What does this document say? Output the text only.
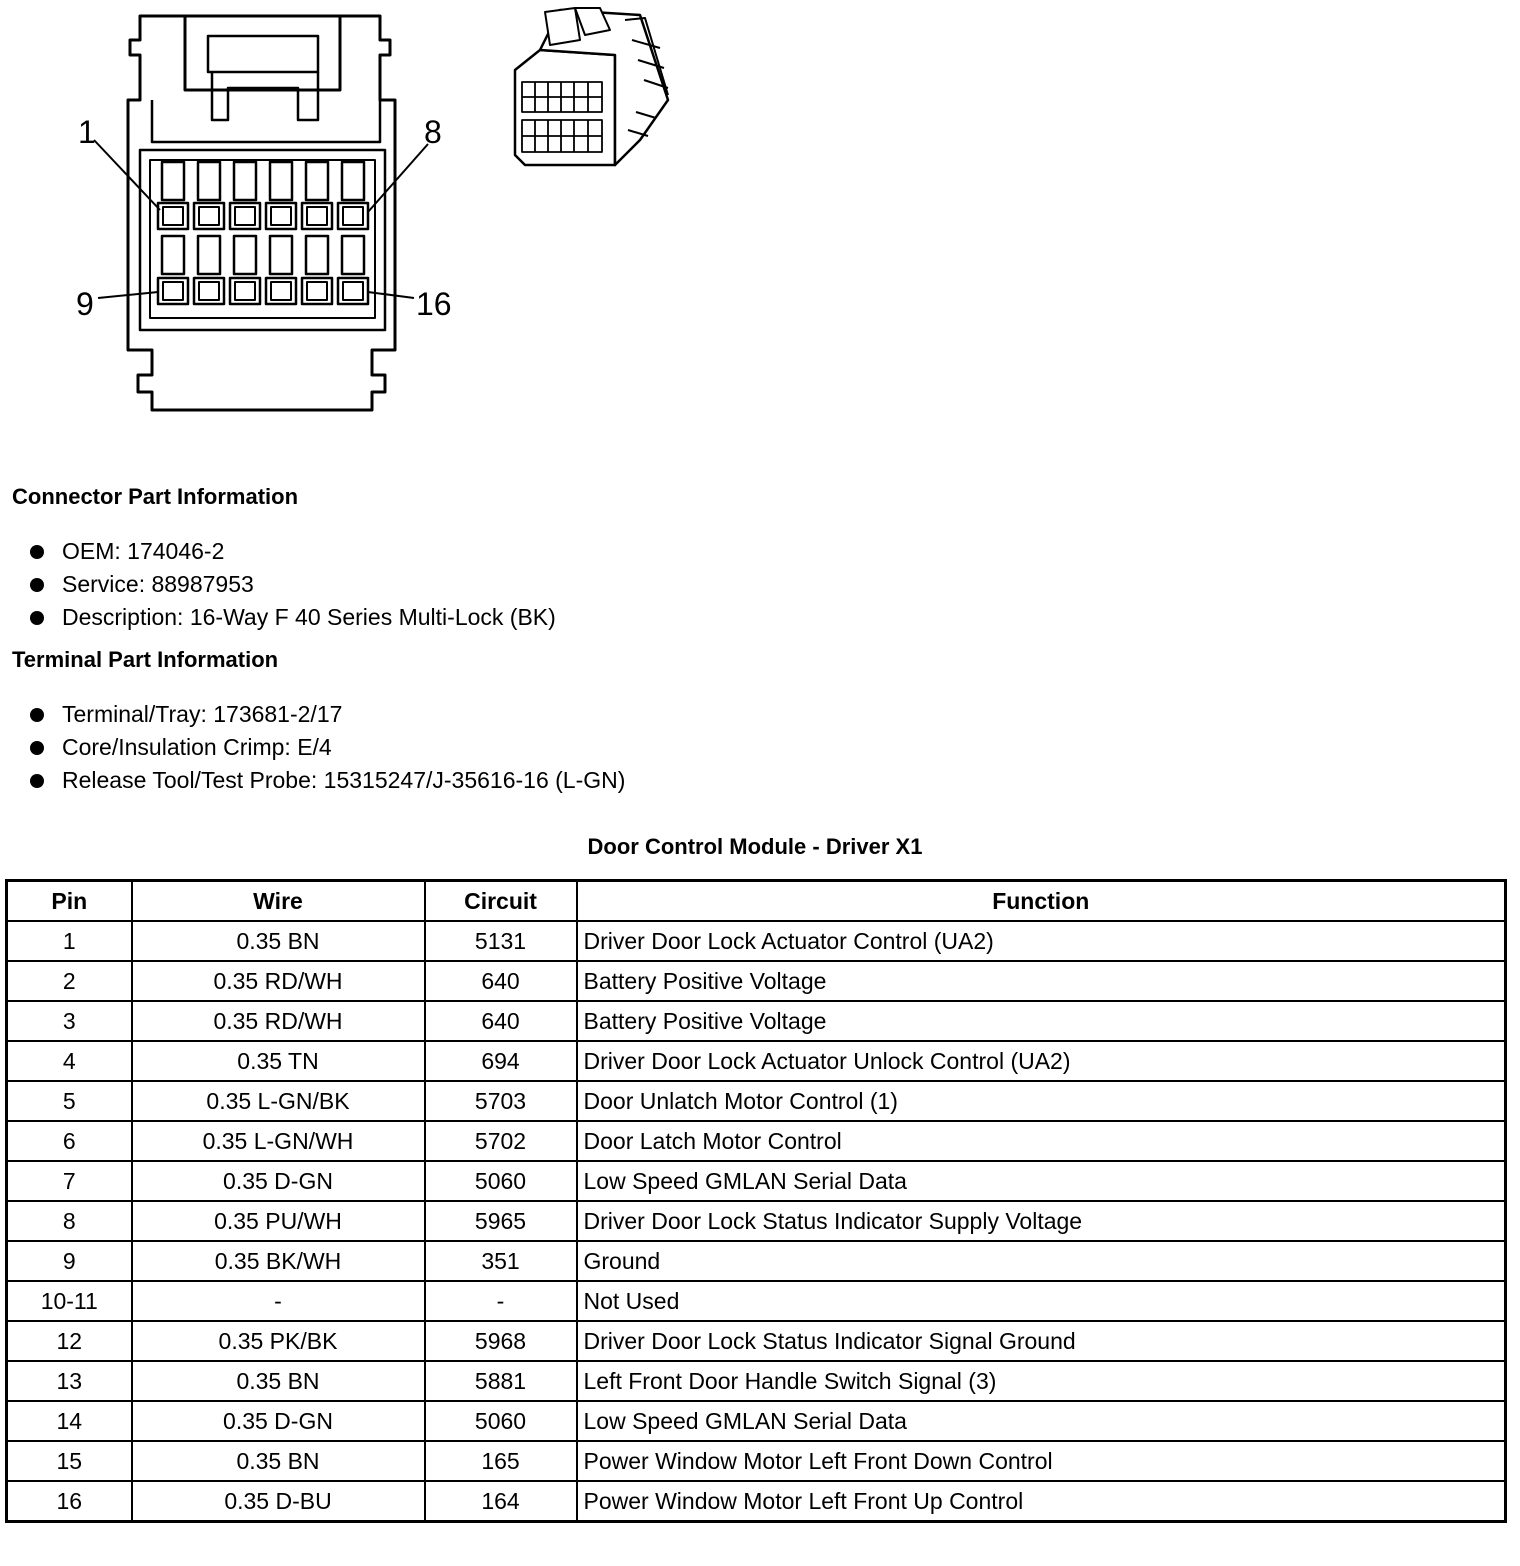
1	8
9	16
Connector Part Information
OEM: 174046-2
Service: 88987953
Description: 16-Way F 40 Series Multi-Lock (BK)
Terminal Part Information
Terminal/Tray: 173681-2/17
Core/Insulation Crimp: E/4
Release Tool/Test Probe: 15315247/J-35616-16 (L-GN)
Door Control Module - Driver X1
Pin	Wire	Circuit	Function
1	0.35 BN	5131	Driver Door Lock Actuator Control (UA2)
2	0.35 RD/WH	640	Battery Positive Voltage
3	0.35 RD/WH	640	Battery Positive Voltage
4	0.35 TN	694	Driver Door Lock Actuator Unlock Control (UA2)
5	0.35 L-GN/BK	5703	Door Unlatch Motor Control (1)
6	0.35 L-GN/WH	5702	Door Latch Motor Control
7	0.35 D-GN	5060	Low Speed GMLAN Serial Data
8	0.35 PU/WH	5965	Driver Door Lock Status Indicator Supply Voltage
9	0.35 BK/WH	351	Ground
10-11	-	-	Not Used
12	0.35 PK/BK	5968	Driver Door Lock Status Indicator Signal Ground
13	0.35 BN	5881	Left Front Door Handle Switch Signal (3)
14	0.35 D-GN	5060	Low Speed GMLAN Serial Data
15	0.35 BN	165	Power Window Motor Left Front Down Control
16	0.35 D-BU	164	Power Window Motor Left Front Up Control
